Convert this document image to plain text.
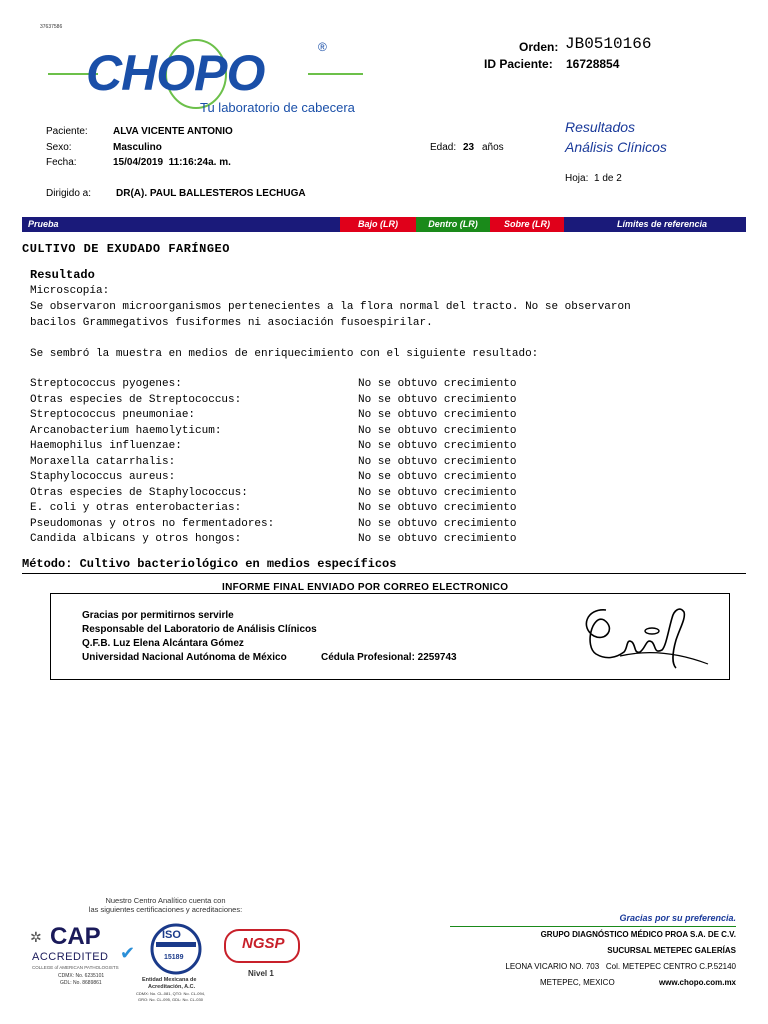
37637586
CHOPO	®
Tu laboratorio de cabecera
Orden: JB0510166
ID Paciente: 16728854
Resultados
Análisis Clínicos
Paciente:	ALVA VICENTE ANTONIO
Sexo:	Masculino
Fecha:	15/04/2019  11:16:24a. m.
Edad: 23 años
Hoja: 1 de 2
Dirigido a: DR(A). PAUL BALLESTEROS LECHUGA
Prueba	Bajo (LR)	Dentro (LR)	Sobre (LR)	Límites de referencia
CULTIVO DE EXUDADO FARÍNGEO
Resultado
Microscopía:
Se observaron microorganismos pertenecientes a la flora normal del tracto. No se observaron
bacilos Grammegativos fusiformes ni asociación fusoespirilar.
Se sembró la muestra en medios de enriquecimiento con el siguiente resultado:
Streptococcus pyogenes:	No se obtuvo crecimiento
Otras especies de Streptococcus:	No se obtuvo crecimiento
Streptococcus pneumoniae:	No se obtuvo crecimiento
Arcanobacterium haemolyticum:	No se obtuvo crecimiento
Haemophilus influenzae:	No se obtuvo crecimiento
Moraxella catarrhalis:	No se obtuvo crecimiento
Staphylococcus aureus:	No se obtuvo crecimiento
Otras especies de Staphylococcus:	No se obtuvo crecimiento
E. coli y otras enterobacterias:	No se obtuvo crecimiento
Pseudomonas y otros no fermentadores:	No se obtuvo crecimiento
Candida albicans y otros hongos:	No se obtuvo crecimiento
Método: Cultivo bacteriológico en medios específicos
INFORME FINAL ENVIADO POR CORREO ELECTRONICO
Gracias por permitirnos servirle
Responsable del Laboratorio de Análisis Clínicos
Q.F.B. Luz Elena Alcántara Gómez
Universidad Nacional Autónoma de México	Cédula Profesional: 2259743
Nuestro Centro Analítico cuenta con
las siguientes certificaciones y acreditaciones:
✲ CAP
ACCREDITED ✔
COLLEGE of AMERICAN PATHOLOGISTS
CDMX: No. 6235101
GDL: No. 8689861
ISO
15189
Entidad Mexicana de
Acreditación, A.C.
CDMX: No. CL-081, QTO: No. CL-094,
GRO: No. CL-095, GDL: No. CL-030
NGSP
Nivel 1
Gracias por su preferencia.
GRUPO DIAGNÓSTICO MÉDICO PROA S.A. DE C.V.
SUCURSAL METEPEC GALERÍAS
LEONA VICARIO NO. 703   Col. METEPEC CENTRO C.P.52140
METEPEC, MEXICO	www.chopo.com.mx
